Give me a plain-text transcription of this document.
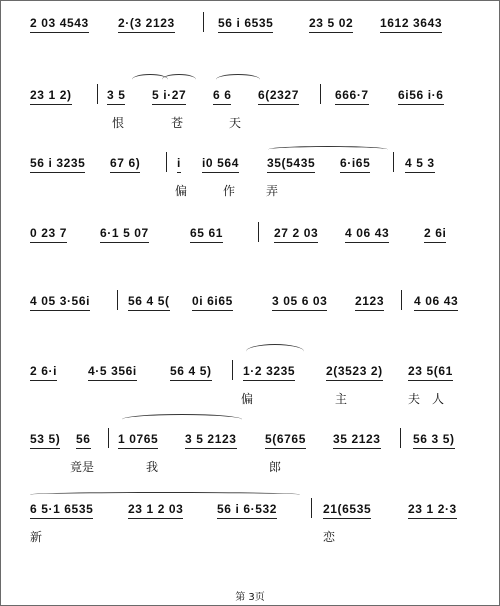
2 03 4543 2·(3 2123	56 i 6535	23 5 02 1612 3643
23 1 2)	3 5 5 i·27 6 6 6(2327	666·7 6i56 i·6
恨	苍	天
56 i 3235 67 6)	i i0 564 35(5435 6·i65	4 5 3
偏	作	弄
0 23 7	6·1 5 07	65 61	27 2 03 4 06 43	2 6i
4 05 3·56i	56 4 5( 0i 6i65	3 05 6 03 2123 4 06 43
2 6·i	4·5 356i	56 4 5)	1·2 3235	2(3523 2) 23 5(61
偏	主	夫 人
53 5) 56 1 0765 3 5 2123 5(6765 35 2123	56 3 5)
竟是	我	郎
6 5·1 6535	23 1 2 03	56 i 6·532	21(6535	23 1 2·3
新	恋
第 3页
